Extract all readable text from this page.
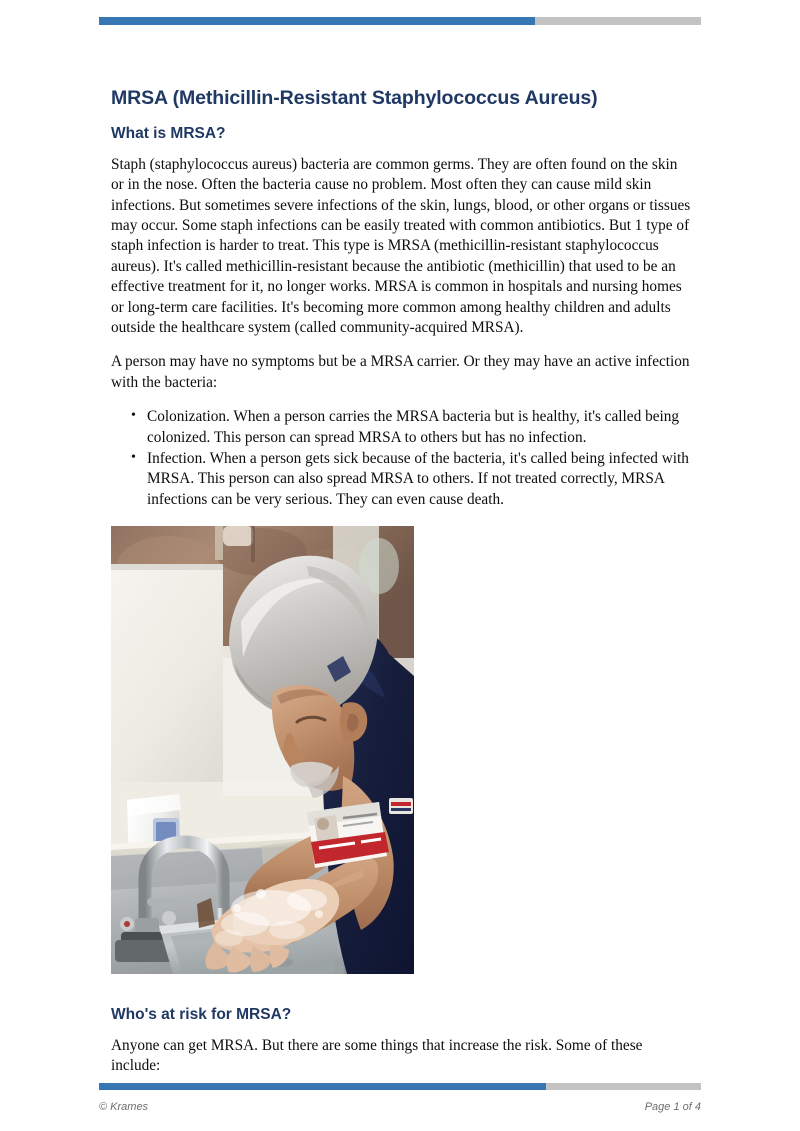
MRSA (Methicillin-Resistant Staphylococcus Aureus)
What is MRSA?

Staph (staphylococcus aureus) bacteria are common germs. They are often found on the skin or in the nose. Often the bacteria cause no problem. Most often they can cause mild skin infections. But sometimes severe infections of the skin, lungs, blood, or other organs or tissues may occur. Some staph infections can be easily treated with common antibiotics. But 1 type of staph infection is harder to treat. This type is MRSA (methicillin-resistant staphylococcus aureus). It's called methicillin-resistant because the antibiotic (methicillin) that used to be an effective treatment for it, no longer works. MRSA is common in hospitals and nursing homes or long-term care facilities. It's becoming more common among healthy children and adults outside the healthcare system (called community-acquired MRSA).

A person may have no symptoms but be a MRSA carrier. Or they may have an active infection with the bacteria:

• Colonization. When a person carries the MRSA bacteria but is healthy, it's called being colonized. This person can spread MRSA to others but has no infection.
• Infection. When a person gets sick because of the bacteria, it's called being infected with MRSA. This person can also spread MRSA to others. If not treated correctly, MRSA infections can be very serious. They can even cause death.
Who's at risk for MRSA?

Anyone can get MRSA. But there are some things that increase the risk. Some of these include:

© Krames	Page 1 of 4
